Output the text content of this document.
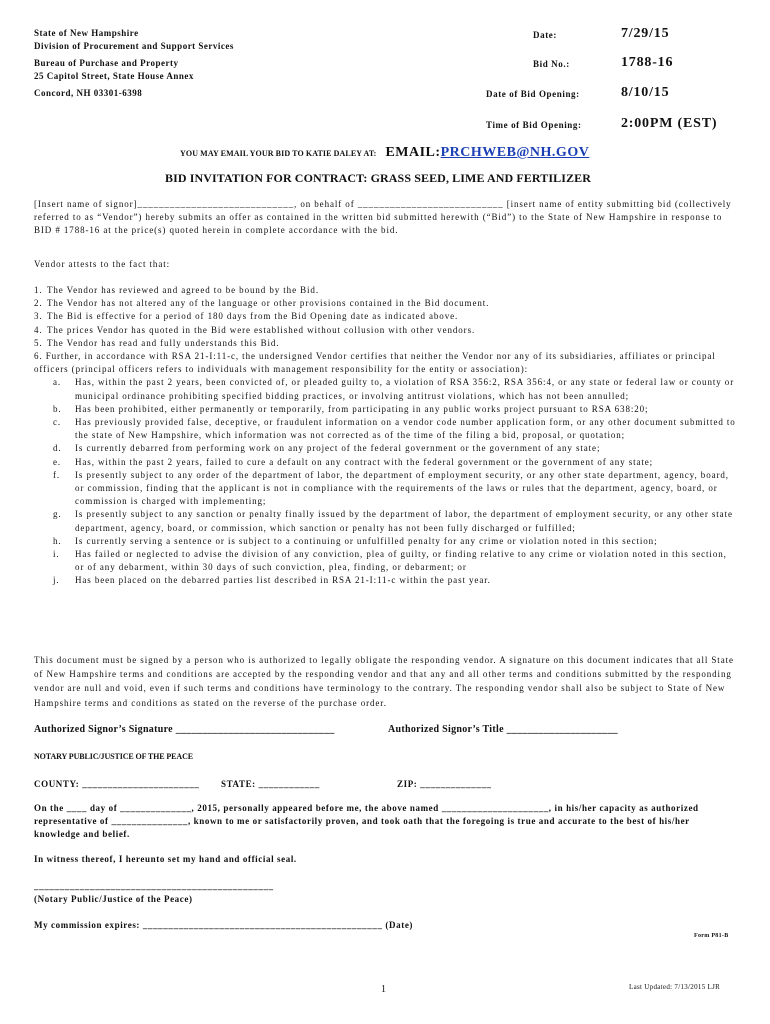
State of New Hampshire
Division of Procurement and Support Services
Bureau of Purchase and Property
25 Capitol Street, State House Annex
Concord, NH 03301-6398
Date:	7/29/15
Bid No.:	1788-16
Date of Bid Opening:	8/10/15
Time of Bid Opening:	2:00PM (EST)
YOU MAY EMAIL YOUR BID TO KATIE DALEY AT: EMAIL:PRCHWEB@NH.GOV
BID INVITATION FOR CONTRACT: GRASS SEED, LIME AND FERTILIZER
[Insert name of signor]_____________________________, on behalf of ___________________________ [insert name of entity submitting bid (collectively referred to as “Vendor”) hereby submits an offer as contained in the written bid submitted herewith (“Bid”) to the State of New Hampshire in response to BID # 1788-16 at the price(s) quoted herein in complete accordance with the bid.
Vendor attests to the fact that:
1. The Vendor has reviewed and agreed to be bound by the Bid.
2. The Vendor has not altered any of the language or other provisions contained in the Bid document.
3. The Bid is effective for a period of 180 days from the Bid Opening date as indicated above.
4. The prices Vendor has quoted in the Bid were established without collusion with other vendors.
5. The Vendor has read and fully understands this Bid.
6. Further, in accordance with RSA 21-I:11-c, the undersigned Vendor certifies that neither the Vendor nor any of its subsidiaries, affiliates or principal officers (principal officers refers to individuals with management responsibility for the entity or association):
a. Has, within the past 2 years, been convicted of, or pleaded guilty to, a violation of RSA 356:2, RSA 356:4, or any state or federal law or county or municipal ordinance prohibiting specified bidding practices, or involving antitrust violations, which has not been annulled;
b. Has been prohibited, either permanently or temporarily, from participating in any public works project pursuant to RSA 638:20;
c. Has previously provided false, deceptive, or fraudulent information on a vendor code number application form, or any other document submitted to the state of New Hampshire, which information was not corrected as of the time of the filing a bid, proposal, or quotation;
d. Is currently debarred from performing work on any project of the federal government or the government of any state;
e. Has, within the past 2 years, failed to cure a default on any contract with the federal government or the government of any state;
f. Is presently subject to any order of the department of labor, the department of employment security, or any other state department, agency, board, or commission, finding that the applicant is not in compliance with the requirements of the laws or rules that the department, agency, board, or commission is charged with implementing;
g. Is presently subject to any sanction or penalty finally issued by the department of labor, the department of employment security, or any other state department, agency, board, or commission, which sanction or penalty has not been fully discharged or fulfilled;
h. Is currently serving a sentence or is subject to a continuing or unfulfilled penalty for any crime or violation noted in this section;
i. Has failed or neglected to advise the division of any conviction, plea of guilty, or finding relative to any crime or violation noted in this section, or of any debarment, within 30 days of such conviction, plea, finding, or debarment; or
j. Has been placed on the debarred parties list described in RSA 21-I:11-c within the past year.
This document must be signed by a person who is authorized to legally obligate the responding vendor. A signature on this document indicates that all State of New Hampshire terms and conditions are accepted by the responding vendor and that any and all other terms and conditions submitted by the responding vendor are null and void, even if such terms and conditions have terminology to the contrary. The responding vendor shall also be subject to State of New Hampshire terms and conditions as stated on the reverse of the purchase order.
Authorized Signor’s Signature ______________________________	Authorized Signor’s Title _____________________
NOTARY PUBLIC/JUSTICE OF THE PEACE
COUNTY: _______________________ STATE: ____________	ZIP: ______________
On the ____ day of ______________, 2015, personally appeared before me, the above named _____________________, in his/her capacity as authorized representative of _______________, known to me or satisfactorily proven, and took oath that the foregoing is true and accurate to the best of his/her knowledge and belief.
In witness thereof, I hereunto set my hand and official seal.
_______________________________________________
(Notary Public/Justice of the Peace)
My commission expires: _______________________________________________ (Date)
Form P81-B
1	Last Updated: 7/13/2015 LJR
